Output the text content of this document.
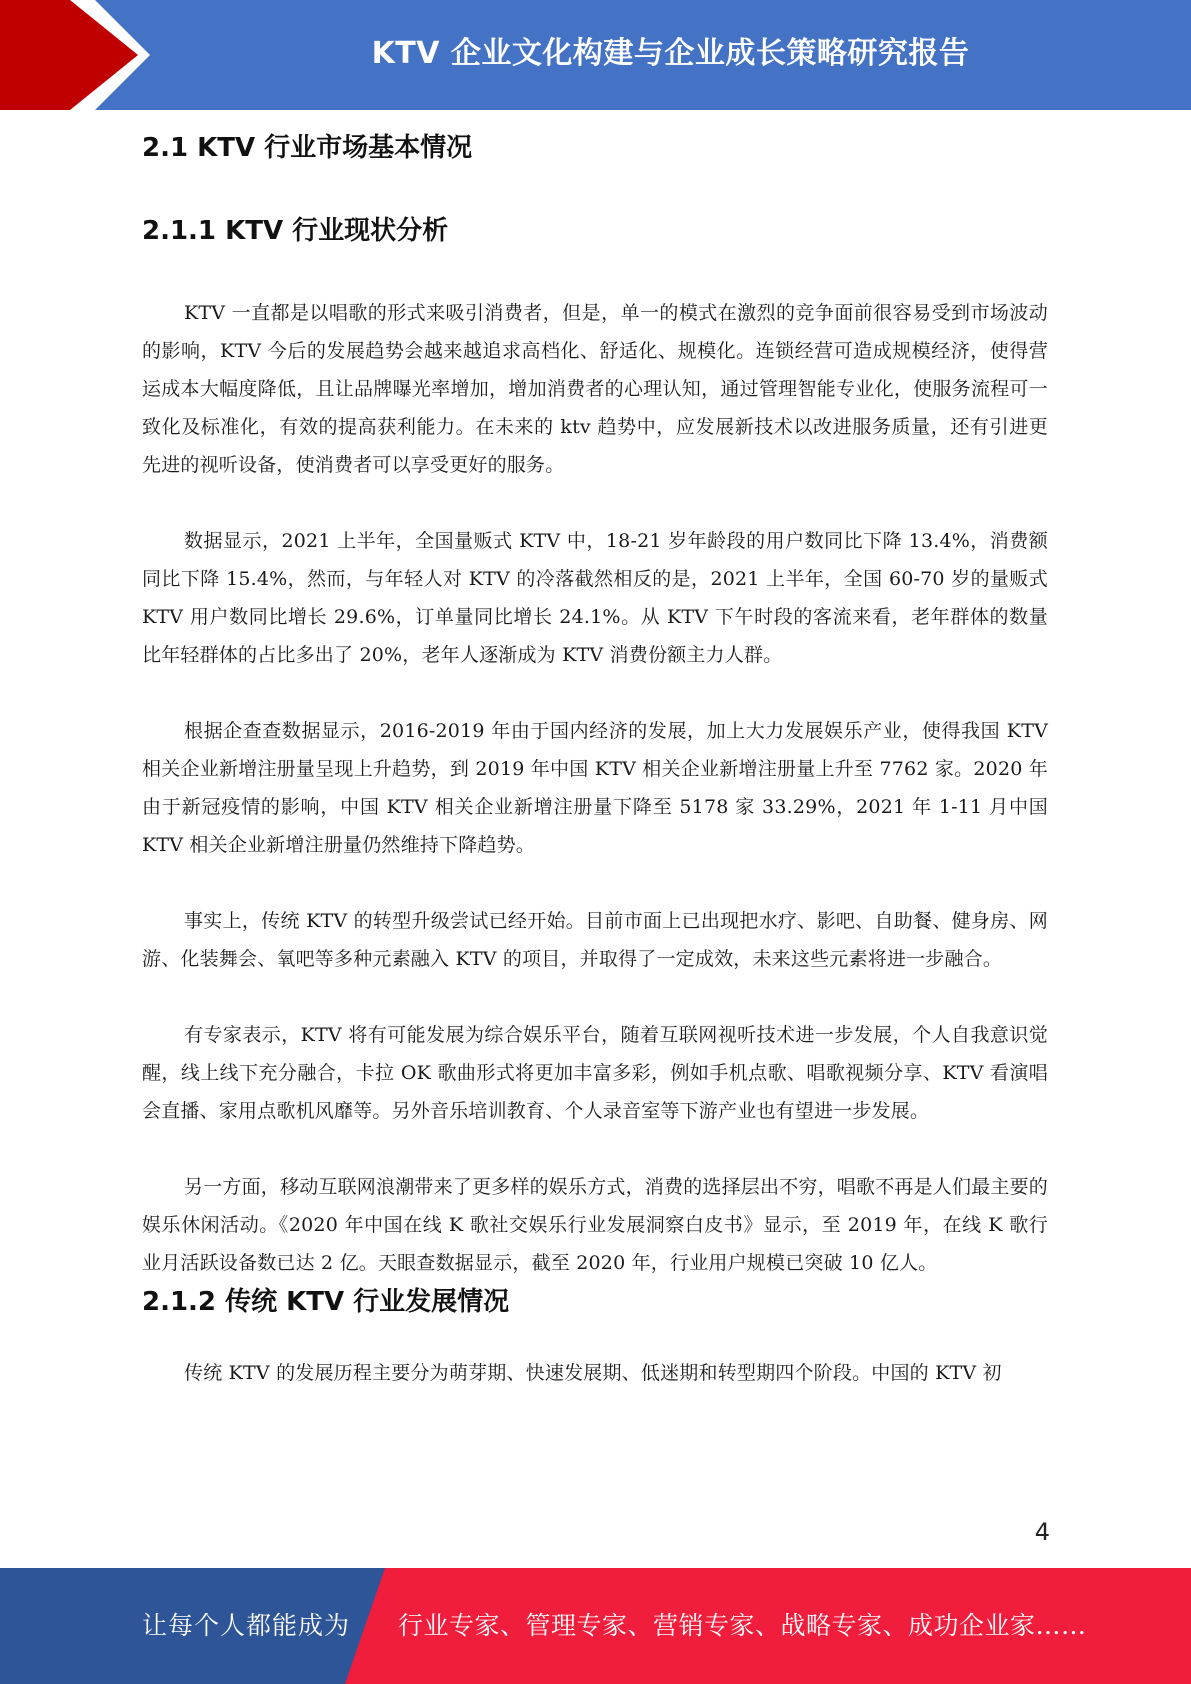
KTV 企业文化构建与企业成长策略研究报告
2.1 KTV 行业市场基本情况
2.1.1 KTV 行业现状分析

KTV 一直都是以唱歌的形式来吸引消费者，但是，单一的模式在激烈的竞争面前很容易受到市场波动的影响，KTV 今后的发展趋势会越来越追求高档化、舒适化、规模化。连锁经营可造成规模经济，使得营运成本大幅度降低，且让品牌曝光率增加，增加消费者的心理认知，通过管理智能专业化，使服务流程可一致化及标准化，有效的提高获利能力。在未来的 ktv 趋势中，应发展新技术以改进服务质量，还有引进更先进的视听设备，使消费者可以享受更好的服务。

数据显示，2021 上半年，全国量贩式 KTV 中，18-21 岁年龄段的用户数同比下降 13.4%，消费额同比下降 15.4%，然而，与年轻人对 KTV 的冷落截然相反的是，2021 上半年，全国 60-70 岁的量贩式 KTV 用户数同比增长 29.6%，订单量同比增长 24.1%。从 KTV 下午时段的客流来看，老年群体的数量比年轻群体的占比多出了 20%，老年人逐渐成为 KTV 消费份额主力人群。

根据企查查数据显示，2016-2019 年由于国内经济的发展，加上大力发展娱乐产业，使得我国 KTV 相关企业新增注册量呈现上升趋势，到 2019 年中国 KTV 相关企业新增注册量上升至 7762 家。2020 年由于新冠疫情的影响，中国 KTV 相关企业新增注册量下降至 5178 家 33.29%，2021 年 1-11 月中国 KTV 相关企业新增注册量仍然维持下降趋势。

事实上，传统 KTV 的转型升级尝试已经开始。目前市面上已出现把水疗、影吧、自助餐、健身房、网游、化装舞会、氧吧等多种元素融入 KTV 的项目，并取得了一定成效，未来这些元素将进一步融合。

有专家表示，KTV 将有可能发展为综合娱乐平台，随着互联网视听技术进一步发展，个人自我意识觉醒，线上线下充分融合，卡拉 OK 歌曲形式将更加丰富多彩，例如手机点歌、唱歌视频分享、KTV 看演唱会直播、家用点歌机风靡等。另外音乐培训教育、个人录音室等下游产业也有望进一步发展。

另一方面，移动互联网浪潮带来了更多样的娱乐方式，消费的选择层出不穷，唱歌不再是人们最主要的娱乐休闲活动。《2020 年中国在线 K 歌社交娱乐行业发展洞察白皮书》显示，至 2019 年，在线 K 歌行业月活跃设备数已达 2 亿。天眼查数据显示，截至 2020 年，行业用户规模已突破 10 亿人。

2.1.2 传统 KTV 行业发展情况

传统 KTV 的发展历程主要分为萌芽期、快速发展期、低迷期和转型期四个阶段。中国的 KTV 初

4
让每个人都能成为 行业专家、管理专家、营销专家、战略专家、成功企业家……
